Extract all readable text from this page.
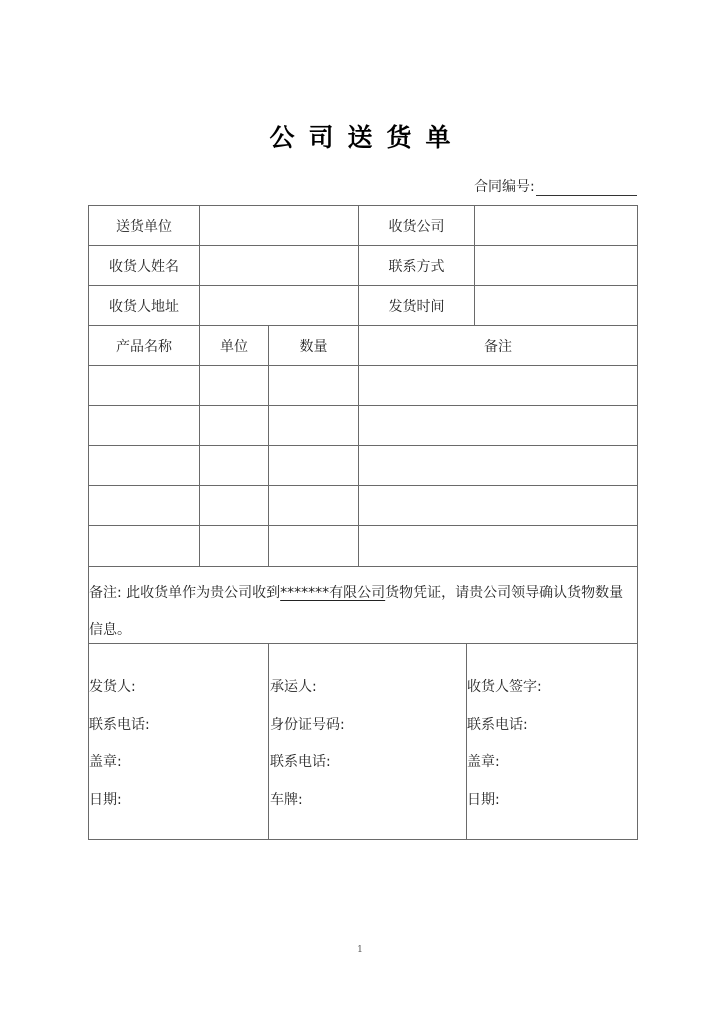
公司送货单
合同编号:
送货单位	收货公司
收货人姓名	联系方式
收货人地址	发货时间
产品名称	单位	数量	备注
备注: 此收货单作为贵公司收到*******有限公司货物凭证，请贵公司领导确认货物数量
信息。
发货人:
联系电话:
盖章:
日期:
承运人:
身份证号码:
联系电话:
车牌:
收货人签字:
联系电话:
盖章:
日期:
1
